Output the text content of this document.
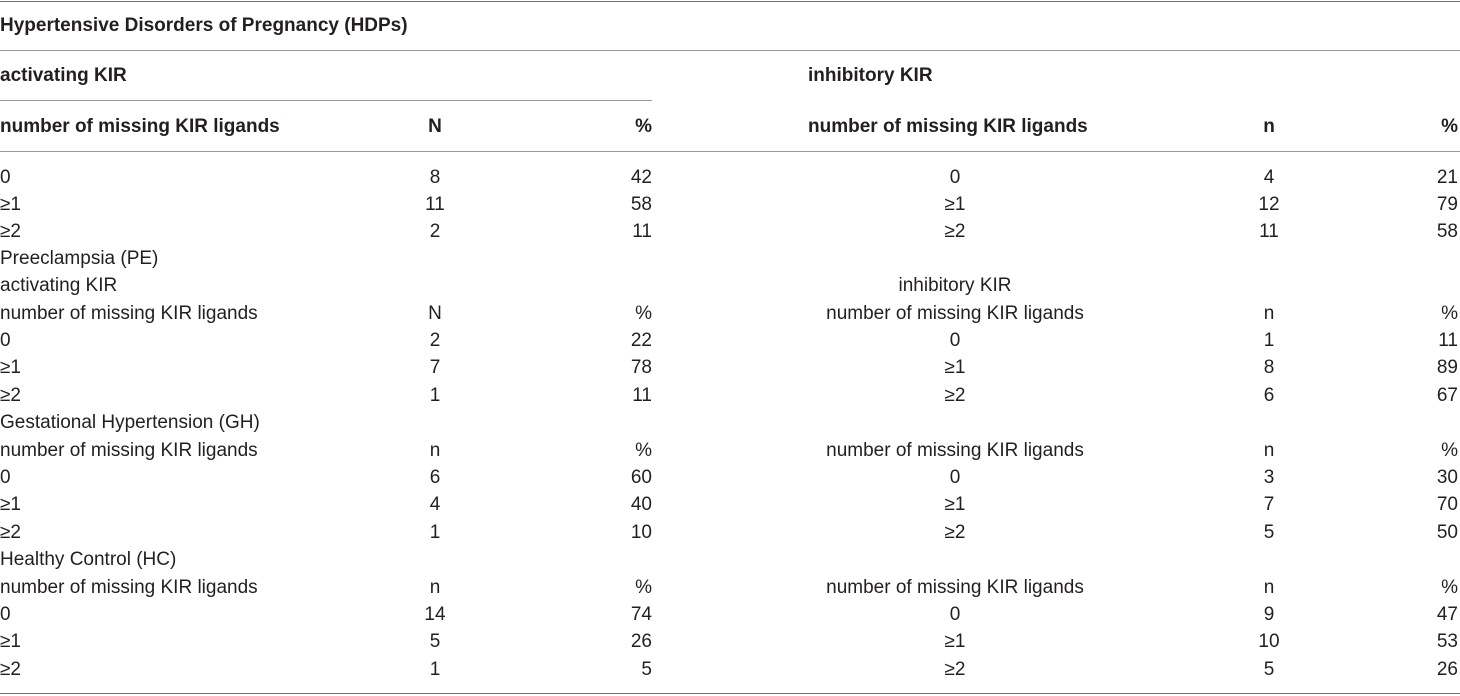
Hypertensive Disorders of Pregnancy (HDPs)
activating KIR	inhibitory KIR
number of missing KIR ligands	N	%	number of missing KIR ligands	n	%
0	8	42	0	4	21
≥1	11	58	≥1	12	79
≥2	2	11	≥2	11	58
Preeclampsia (PE)
activating KIR	inhibitory KIR
number of missing KIR ligands	N	%	number of missing KIR ligands	n	%
0	2	22	0	1	11
≥1	7	78	≥1	8	89
≥2	1	11	≥2	6	67
Gestational Hypertension (GH)
number of missing KIR ligands	n	%	number of missing KIR ligands	n	%
0	6	60	0	3	30
≥1	4	40	≥1	7	70
≥2	1	10	≥2	5	50
Healthy Control (HC)
number of missing KIR ligands	n	%	number of missing KIR ligands	n	%
0	14	74	0	9	47
≥1	5	26	≥1	10	53
≥2	1	5	≥2	5	26
